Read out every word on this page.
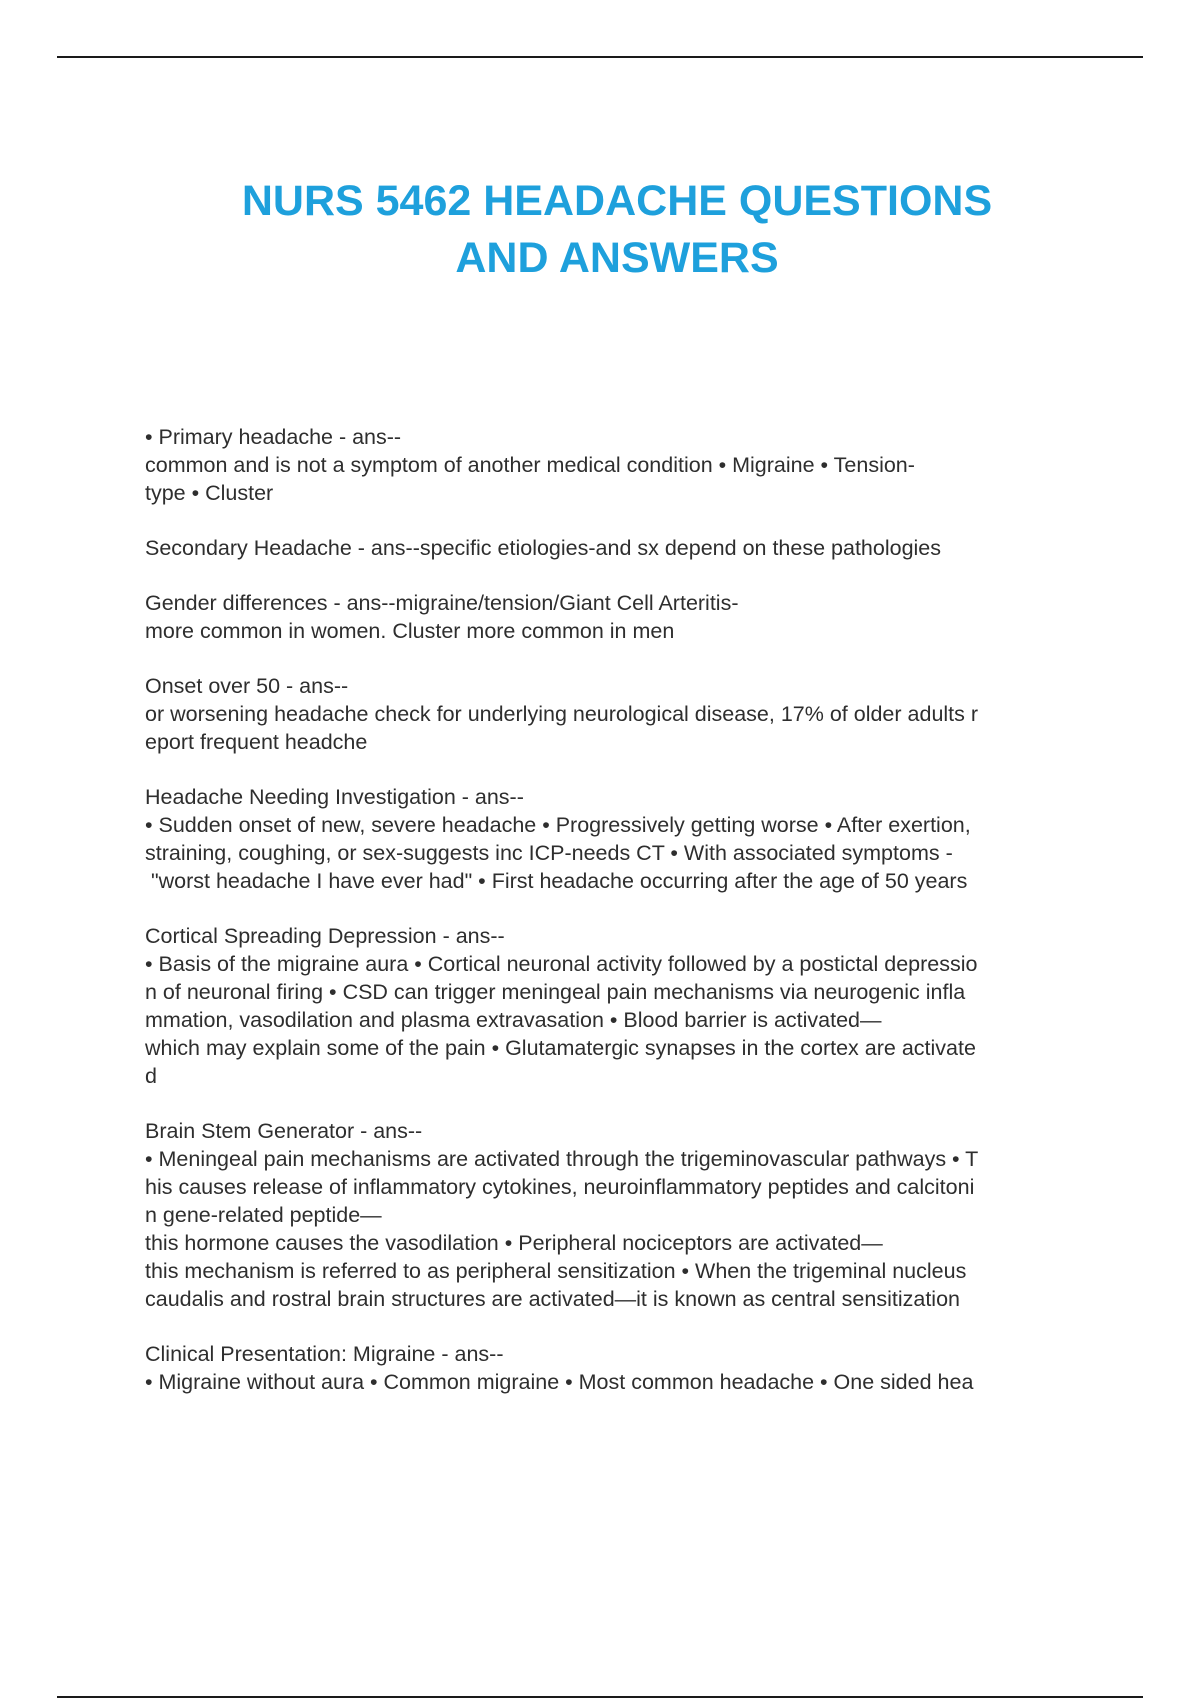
NURS 5462 HEADACHE QUESTIONS
AND ANSWERS
• Primary headache - ans--
common and is not a symptom of another medical condition • Migraine • Tension-
type • Cluster
Secondary Headache - ans--specific etiologies-and sx depend on these pathologies
Gender differences - ans--migraine/tension/Giant Cell Arteritis-
more common in women. Cluster more common in men
Onset over 50 - ans--
or worsening headache check for underlying neurological disease, 17% of older adults r
eport frequent headche
Headache Needing Investigation - ans--
• Sudden onset of new, severe headache • Progressively getting worse • After exertion,
straining, coughing, or sex-suggests inc ICP-needs CT • With associated symptoms -
"worst headache I have ever had" • First headache occurring after the age of 50 years
Cortical Spreading Depression - ans--
• Basis of the migraine aura • Cortical neuronal activity followed by a postictal depressio
n of neuronal firing • CSD can trigger meningeal pain mechanisms via neurogenic infla
mmation, vasodilation and plasma extravasation • Blood barrier is activated—
which may explain some of the pain • Glutamatergic synapses in the cortex are activate
d
Brain Stem Generator - ans--
• Meningeal pain mechanisms are activated through the trigeminovascular pathways • T
his causes release of inflammatory cytokines, neuroinflammatory peptides and calcitoni
n gene-related peptide—
this hormone causes the vasodilation • Peripheral nociceptors are activated—
this mechanism is referred to as peripheral sensitization • When the trigeminal nucleus
caudalis and rostral brain structures are activated—it is known as central sensitization
Clinical Presentation: Migraine - ans--
• Migraine without aura • Common migraine • Most common headache • One sided hea
